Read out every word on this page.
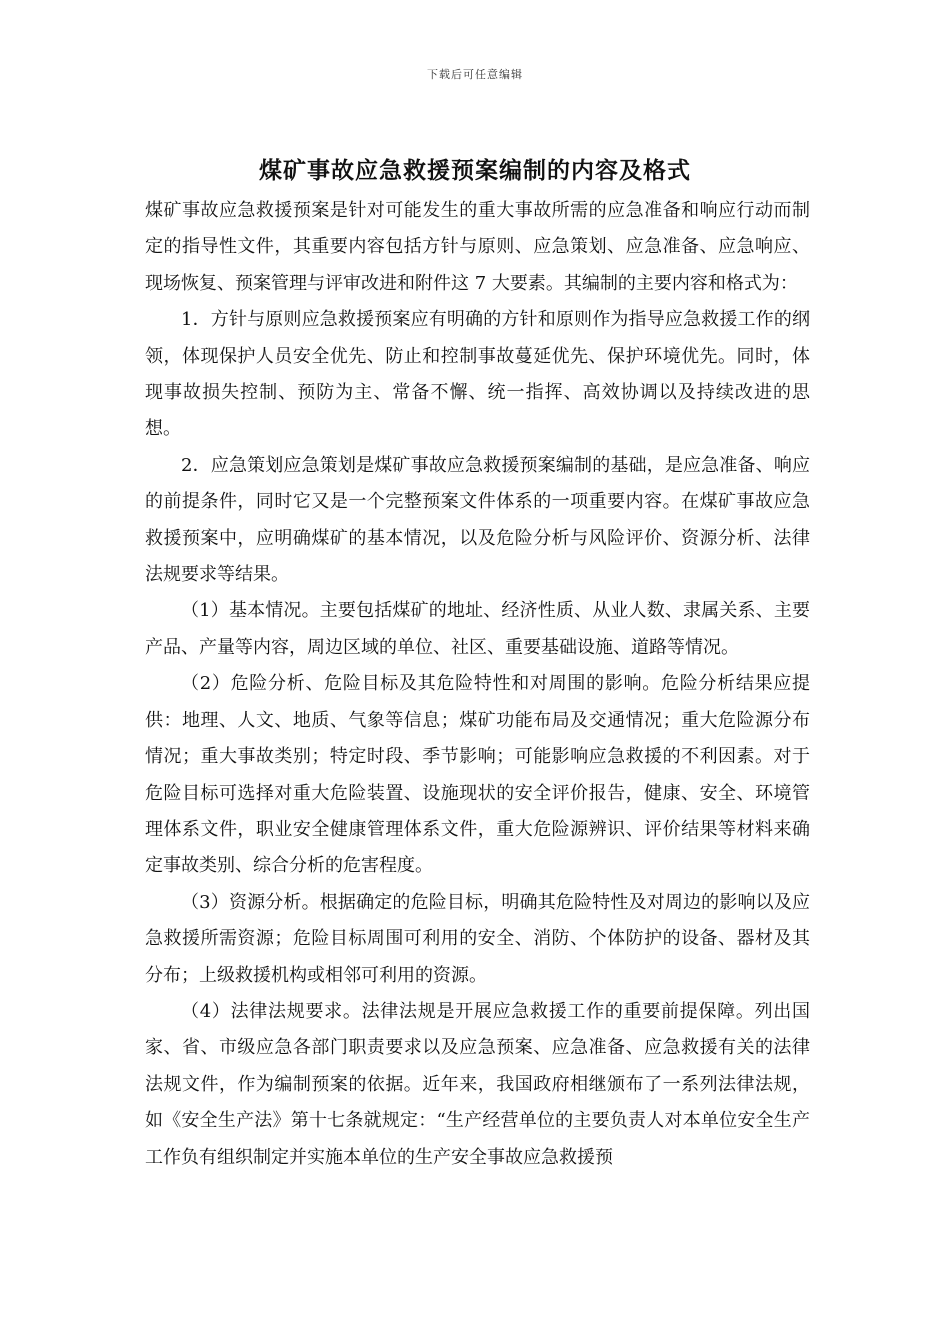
下载后可任意编辑
煤矿事故应急救援预案编制的内容及格式

煤矿事故应急救援预案是针对可能发生的重大事故所需的应急准备和响应行动而制定的指导性文件，其重要内容包括方针与原则、应急策划、应急准备、应急响应、现场恢复、预案管理与评审改进和附件这 7 大要素。其编制的主要内容和格式为：

1．方针与原则应急救援预案应有明确的方针和原则作为指导应急救援工作的纲领，体现保护人员安全优先、防止和控制事故蔓延优先、保护环境优先。同时，体现事故损失控制、预防为主、常备不懈、统一指挥、高效协调以及持续改进的思想。

2．应急策划应急策划是煤矿事故应急救援预案编制的基础，是应急准备、响应的前提条件，同时它又是一个完整预案文件体系的一项重要内容。在煤矿事故应急救援预案中，应明确煤矿的基本情况，以及危险分析与风险评价、资源分析、法律法规要求等结果。

（1）基本情况。主要包括煤矿的地址、经济性质、从业人数、隶属关系、主要产品、产量等内容，周边区域的单位、社区、重要基础设施、道路等情况。

（2）危险分析、危险目标及其危险特性和对周围的影响。危险分析结果应提供：地理、人文、地质、气象等信息；煤矿功能布局及交通情况；重大危险源分布情况；重大事故类别；特定时段、季节影响；可能影响应急救援的不利因素。对于危险目标可选择对重大危险装置、设施现状的安全评价报告，健康、安全、环境管理体系文件，职业安全健康管理体系文件，重大危险源辨识、评价结果等材料来确定事故类别、综合分析的危害程度。

（3）资源分析。根据确定的危险目标，明确其危险特性及对周边的影响以及应急救援所需资源；危险目标周围可利用的安全、消防、个体防护的设备、器材及其分布；上级救援机构或相邻可利用的资源。

（4）法律法规要求。法律法规是开展应急救援工作的重要前提保障。列出国家、省、市级应急各部门职责要求以及应急预案、应急准备、应急救援有关的法律法规文件，作为编制预案的依据。近年来，我国政府相继颁布了一系列法律法规，如《安全生产法》第十七条就规定：“生产经营单位的主要负责人对本单位安全生产工作负有组织制定并实施本单位的生产安全事故应急救援预
